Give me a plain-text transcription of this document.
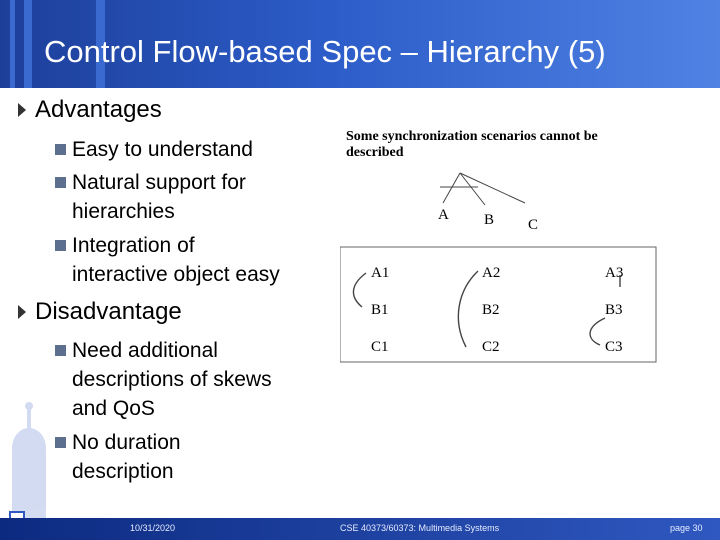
Control Flow-based Spec – Hierarchy (5)
Advantages
Easy to understand
Natural support for
hierarchies
Integration of
interactive object easy
Disadvantage
Need additional
descriptions of skews
and QoS
No duration
description
Some synchronization scenarios cannot be described
A B C
A1	A2	A3
B1	B2	B3
C1	C2	C3
10/31/2020	CSE 40373/60373: Multimedia Systems	page 30
